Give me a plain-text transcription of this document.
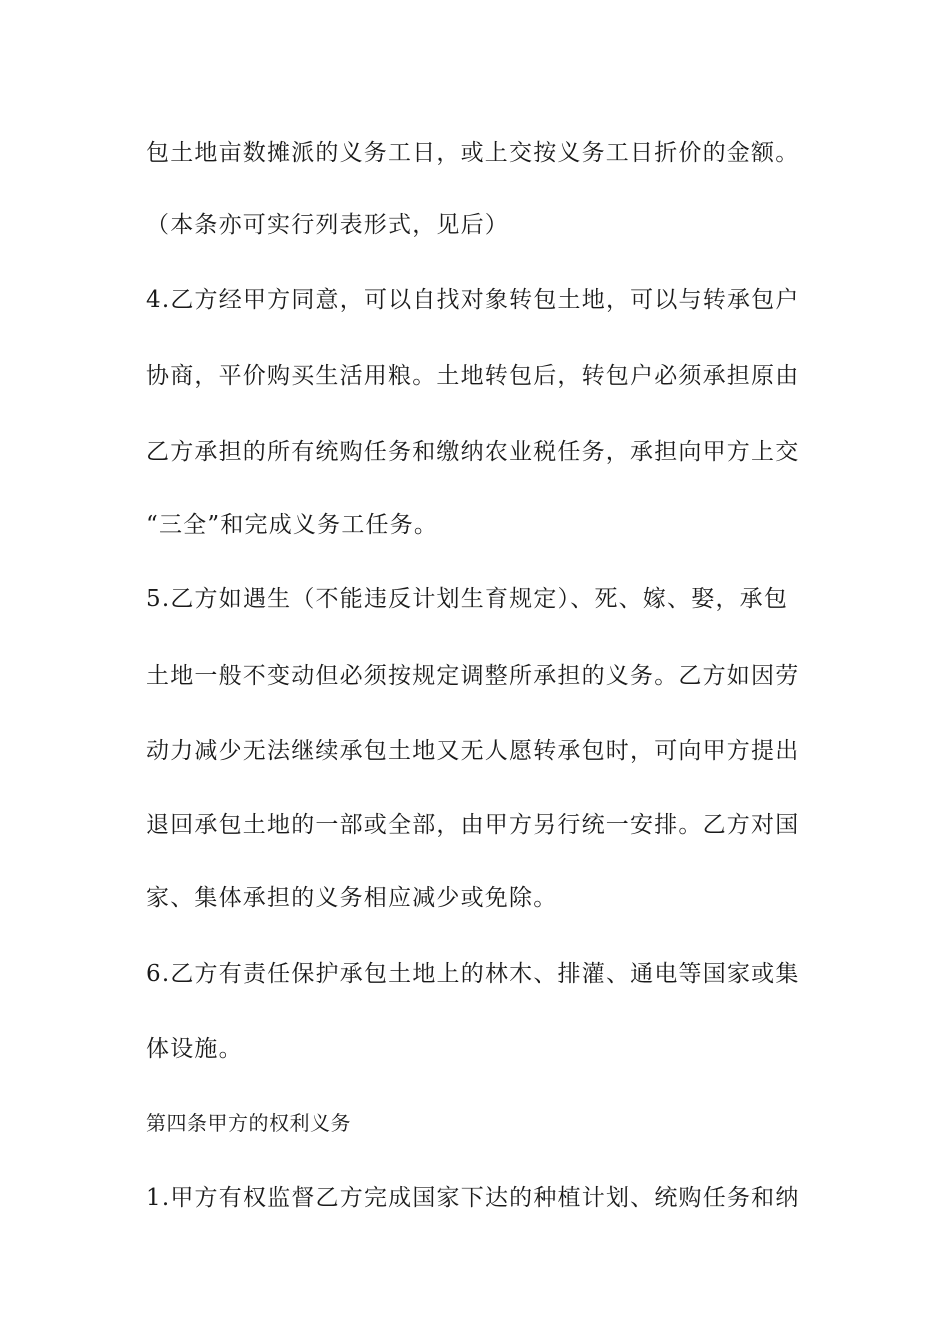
包土地亩数摊派的义务工日，或上交按义务工日折价的金额。
（本条亦可实行列表形式，见后）
4.乙方经甲方同意，可以自找对象转包土地，可以与转承包户
协商，平价购买生活用粮。土地转包后，转包户必须承担原由
乙方承担的所有统购任务和缴纳农业税任务，承担向甲方上交
“三全”和完成义务工任务。
5.乙方如遇生（不能违反计划生育规定）、死、嫁、娶，承包
土地一般不变动但必须按规定调整所承担的义务。乙方如因劳
动力减少无法继续承包土地又无人愿转承包时，可向甲方提出
退回承包土地的一部或全部，由甲方另行统一安排。乙方对国
家、集体承担的义务相应减少或免除。
6.乙方有责任保护承包土地上的林木、排灌、通电等国家或集
体设施。
第四条甲方的权利义务
1.甲方有权监督乙方完成国家下达的种植计划、统购任务和纳
